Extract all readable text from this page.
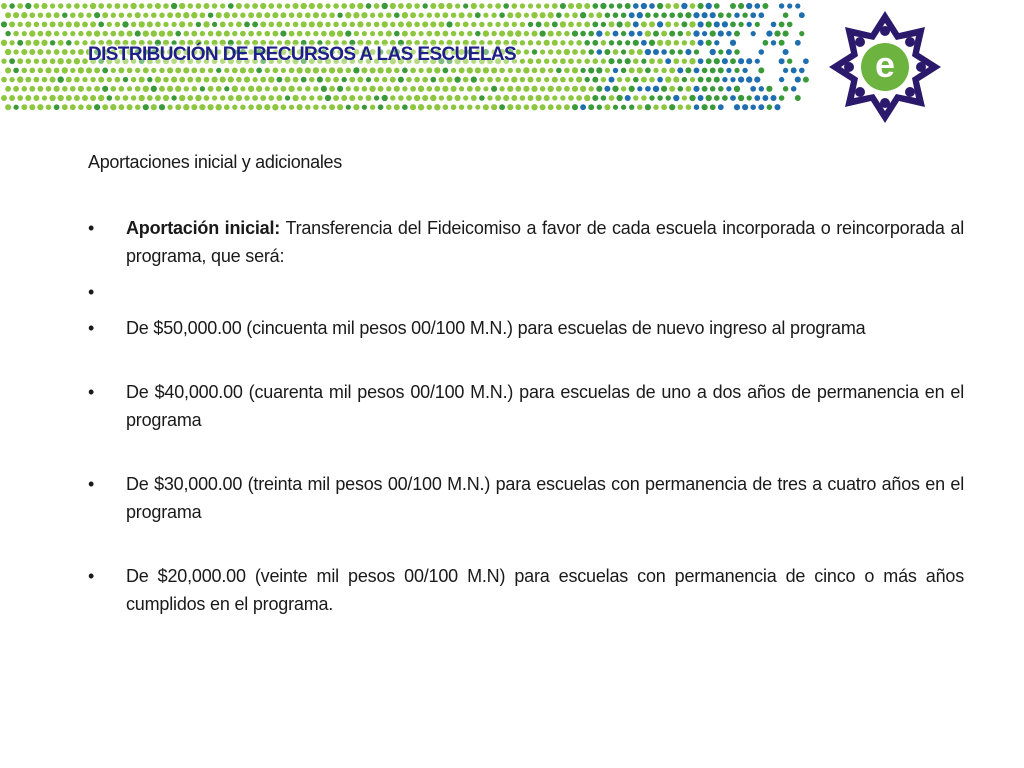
DISTRIBUCIÓN DE RECURSOS A LAS ESCUELAS	e
Aportaciones inicial y adicionales
• Aportación inicial: Transferencia del Fideicomiso a favor de cada escuela incorporada o reincorporada al programa, que será:
•
• De $50,000.00 (cincuenta mil pesos 00/100 M.N.) para escuelas de nuevo ingreso al programa
• De $40,000.00 (cuarenta mil pesos 00/100 M.N.) para escuelas de uno a dos años de permanencia en el programa
• De $30,000.00 (treinta mil pesos 00/100 M.N.) para escuelas con permanencia de tres a cuatro años en el programa
• De $20,000.00 (veinte mil pesos 00/100 M.N) para escuelas con permanencia de cinco o más años cumplidos en el programa.
